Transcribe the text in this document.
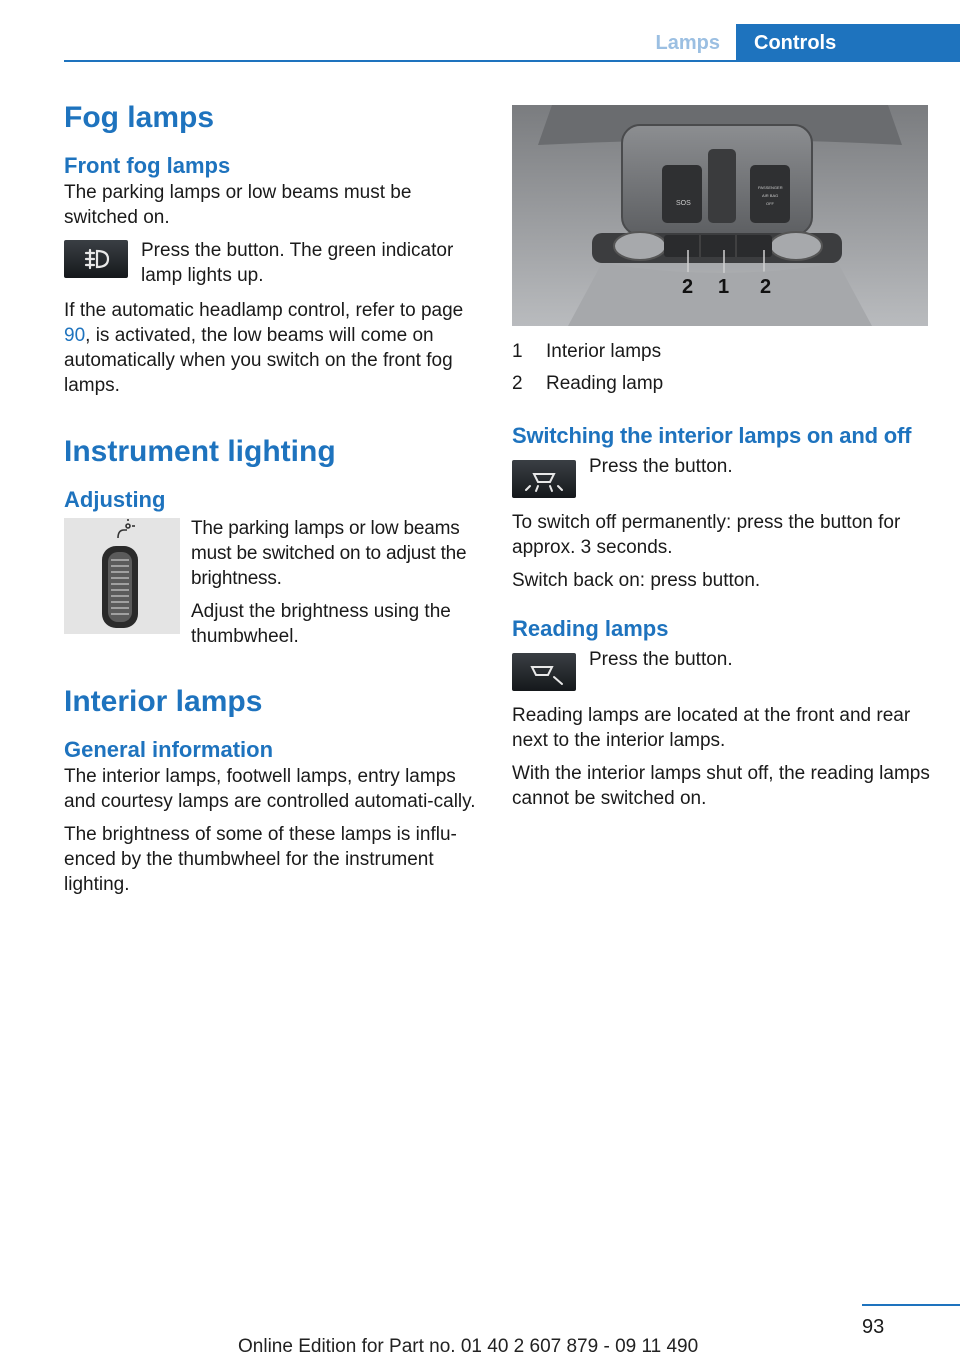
Lamps	Controls
Fog lamps
Front fog lamps

The parking lamps or low beams must be switched on.

Press the button. The green indicator lamp lights up.

If the automatic headlamp control, refer to page 90, is activated, the low beams will come on automatically when you switch on the front fog lamps.

Instrument lighting
Adjusting

The parking lamps or low beams must be switched on to adjust the brightness.

Adjust the brightness using the thumbwheel.

Interior lamps
General information

The interior lamps, footwell lamps, entry lamps and courtesy lamps are controlled automati-cally.

The brightness of some of these lamps is influ-enced by the thumbwheel for the instrument lighting.

SOS
PASSENGER
AIR BAG
OFF
2 1 2
1	Interior lamps
2	Reading lamp
Switching the interior lamps on and off

Press the button.

To switch off permanently: press the button for approx. 3 seconds.

Switch back on: press button.

Reading lamps

Press the button.

Reading lamps are located at the front and rear next to the interior lamps.

With the interior lamps shut off, the reading lamps cannot be switched on.

93
Online Edition for Part no. 01 40 2 607 879 - 09 11 490
